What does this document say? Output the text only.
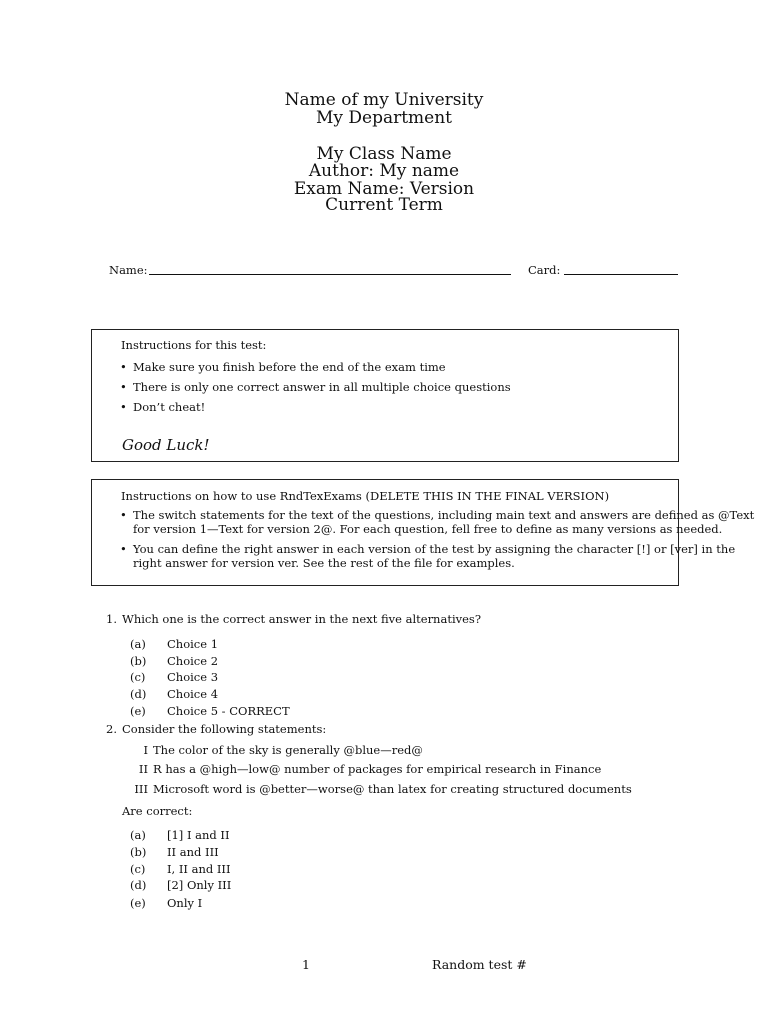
Name of my University
My Department
My Class Name
Author: My name
Exam Name: Version
Current Term
Name:	Card:
Instructions for this test:
• Make sure you finish before the end of the exam time
• There is only one correct answer in all multiple choice questions
• Don’t cheat!
Good Luck!
Instructions on how to use RndTexExams (DELETE THIS IN THE FINAL VERSION)
• The switch statements for the text of the questions, including main text and answers are defined as @Text
for version 1—Text for version 2@. For each question, fell free to define as many versions as needed.
• You can define the right answer in each version of the test by assigning the character [!] or [ver] in the
right answer for version ver. See the rest of the file for examples.
1. Which one is the correct answer in the next five alternatives?
(a) Choice 1
(b) Choice 2
(c) Choice 3
(d) Choice 4
(e) Choice 5 - CORRECT
2. Consider the following statements:
I The color of the sky is generally @blue—red@
II R has a @high—low@ number of packages for empirical research in Finance
III Microsoft word is @better—worse@ than latex for creating structured documents
Are correct:
(a) [1] I and II
(b) II and III
(c) I, II and III
(d) [2] Only III
(e) Only I
1	Random test #
